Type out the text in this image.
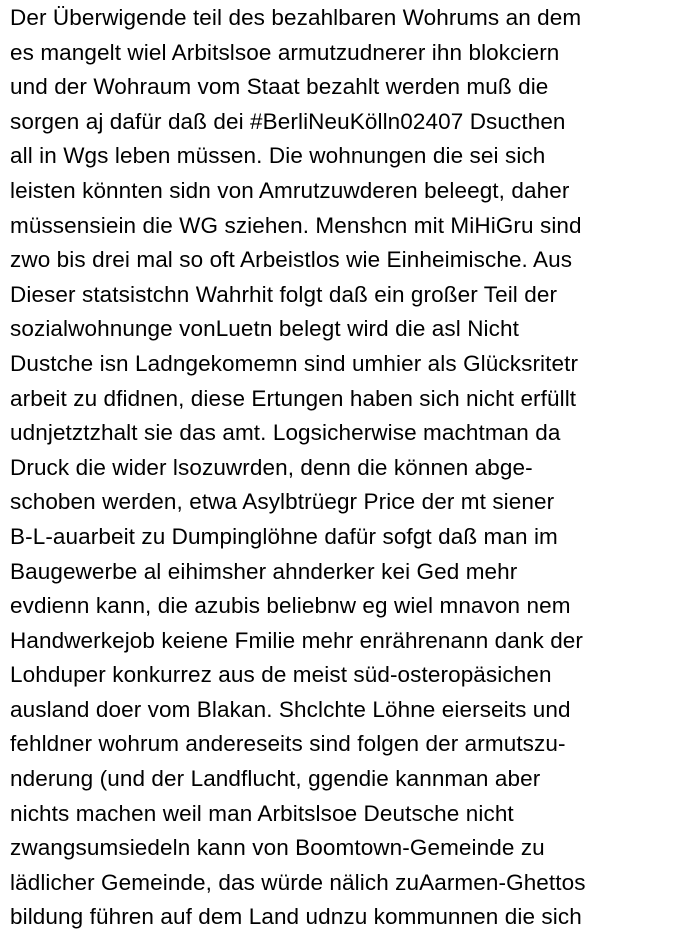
Der Überwigende teil des bezahlbaren Wohrums an dem
es mangelt wiel Arbitslsoe armutzudnerer ihn blokciern
und der Wohraum vom Staat bezahlt werden muß die
sorgen aj dafür daß dei #BerliNeuKölln02407 Dsucthen
all in Wgs leben müssen. Die wohnungen die sei sich
leisten könnten sidn von Amrutzuwderen beleegt, daher
müssensiein die WG sziehen. Menshcn mit MiHiGru sind
zwo bis drei mal so oft Arbeistlos wie Einheimische. Aus
Dieser statsistchn Wahrhit folgt daß ein großer Teil der
sozialwohnunge vonLuetn belegt wird die asl Nicht
Dustche isn Ladngekomemn sind umhier als Glücksritetr
arbeit zu dfidnen, diese Ertungen haben sich nicht erfüllt
udnjetztzhalt sie das amt. Logsicherwise machtman da
Druck die wider lsozuwrden, denn die können abge-
schoben werden, etwa Asylbtrüegr Price der mt siener
B-L-auarbeit zu Dumpinglöhne dafür sofgt daß man im
Baugewerbe al eihimsher ahnderker kei Ged mehr
evdienn kann, die azubis beliebnw eg wiel mnavon nem
Handwerkejob keiene Fmilie mehr enrährenann dank der
Lohduper konkurrez aus de meist süd-osteropäsichen
ausland doer vom Blakan. Shclchte Löhne eierseits und
fehldner wohrum andereseits sind folgen der armutszu-
nderung (und der Landflucht, ggendie kannman aber
nichts machen weil man Arbitslsoe Deutsche nicht
zwangsumsiedeln kann von Boomtown-Gemeinde zu
lädlicher Gemeinde, das würde nälich zuAarmen-Ghettos
bildung führen auf dem Land udnzu kommunnen die sich
